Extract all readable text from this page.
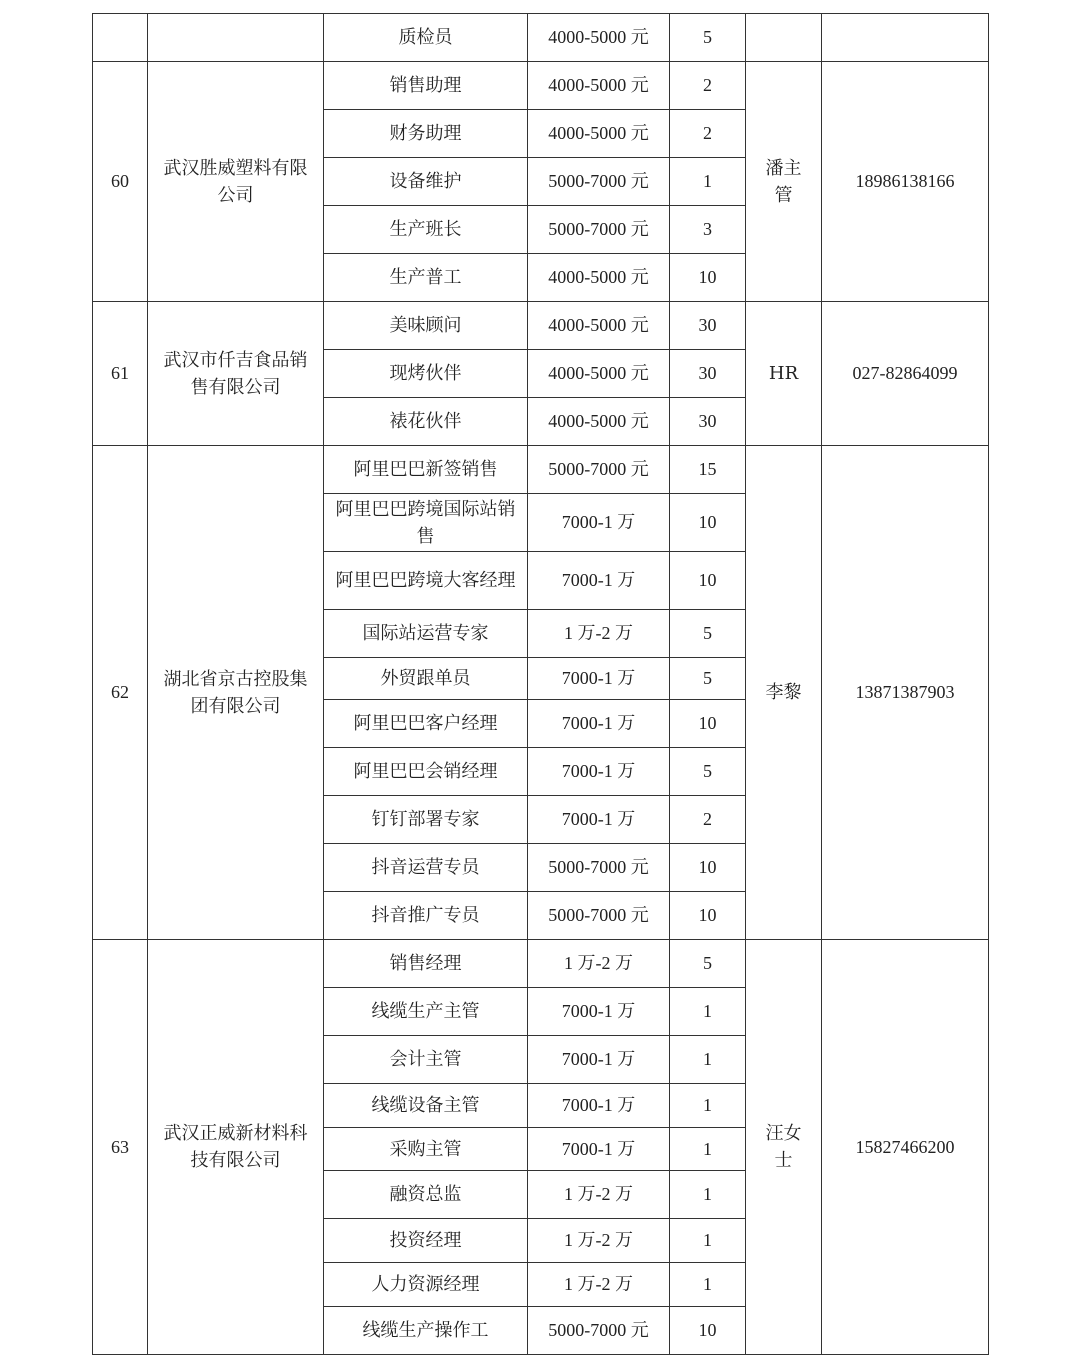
		质检员	4000-5000 元	5		
60	武汉胜威塑料有限公司	销售助理	4000-5000 元	2	潘主管	18986138166
		财务助理	4000-5000 元	2		
		设备维护	5000-7000 元	1		
		生产班长	5000-7000 元	3		
		生产普工	4000-5000 元	10		
61	武汉市仟吉食品销售有限公司	美味顾问	4000-5000 元	30	HR	027-82864099
		现烤伙伴	4000-5000 元	30		
		裱花伙伴	4000-5000 元	30		
62	湖北省京古控股集团有限公司	阿里巴巴新签销售	5000-7000 元	15	李黎	13871387903
		阿里巴巴跨境国际站销售	7000-1 万	10		
		阿里巴巴跨境大客经理	7000-1 万	10		
		国际站运营专家	1 万-2 万	5		
		外贸跟单员	7000-1 万	5		
		阿里巴巴客户经理	7000-1 万	10		
		阿里巴巴会销经理	7000-1 万	5		
		钉钉部署专家	7000-1 万	2		
		抖音运营专员	5000-7000 元	10		
		抖音推广专员	5000-7000 元	10		
63	武汉正威新材料科技有限公司	销售经理	1 万-2 万	5	汪女士	15827466200
		线缆生产主管	7000-1 万	1		
		会计主管	7000-1 万	1		
		线缆设备主管	7000-1 万	1		
		采购主管	7000-1 万	1		
		融资总监	1 万-2 万	1		
		投资经理	1 万-2 万	1		
		人力资源经理	1 万-2 万	1		
		线缆生产操作工	5000-7000 元	10		
